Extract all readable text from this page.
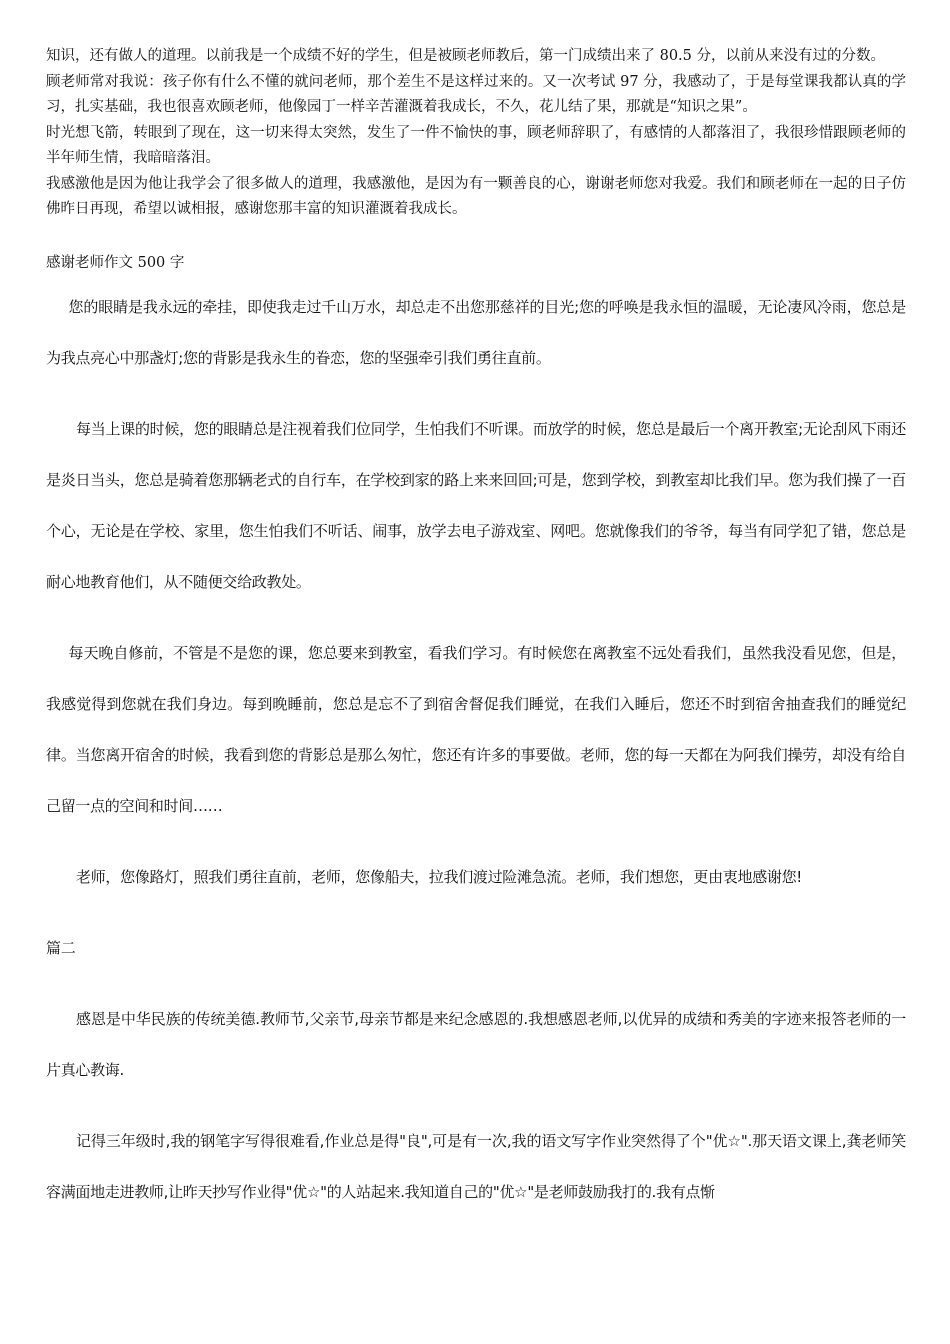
知识，还有做人的道理。以前我是一个成绩不好的学生，但是被顾老师教后，第一门成绩出来了 80.5 分，以前从来没有过的分数。

顾老师常对我说：孩子你有什么不懂的就问老师，那个差生不是这样过来的。又一次考试 97 分，我感动了，于是每堂课我都认真的学习，扎实基础，我也很喜欢顾老师，他像园丁一样辛苦灌溉着我成长，不久，花儿结了果，那就是“知识之果”。

时光想飞箭，转眼到了现在，这一切来得太突然，发生了一件不愉快的事，顾老师辞职了，有感情的人都落泪了，我很珍惜跟顾老师的半年师生情，我暗暗落泪。

我感激他是因为他让我学会了很多做人的道理，我感激他，是因为有一颗善良的心，谢谢老师您对我爱。我们和顾老师在一起的日子仿佛昨日再现，希望以诚相报，感谢您那丰富的知识灌溉着我成长。

感谢老师作文 500 字

您的眼睛是我永远的牵挂，即使我走过千山万水，却总走不出您那慈祥的目光;您的呼唤是我永恒的温暖，无论凄风冷雨，您总是为我点亮心中那盏灯;您的背影是我永生的眷恋，您的坚强牵引我们勇往直前。

每当上课的时候，您的眼睛总是注视着我们位同学，生怕我们不听课。而放学的时候，您总是最后一个离开教室;无论刮风下雨还是炎日当头，您总是骑着您那辆老式的自行车，在学校到家的路上来来回回;可是，您到学校，到教室却比我们早。您为我们操了一百个心，无论是在学校、家里，您生怕我们不听话、闹事，放学去电子游戏室、网吧。您就像我们的爷爷，每当有同学犯了错，您总是耐心地教育他们，从不随便交给政教处。

每天晚自修前，不管是不是您的课，您总要来到教室，看我们学习。有时候您在离教室不远处看我们，虽然我没看见您，但是，我感觉得到您就在我们身边。每到晚睡前，您总是忘不了到宿舍督促我们睡觉，在我们入睡后，您还不时到宿舍抽查我们的睡觉纪律。当您离开宿舍的时候，我看到您的背影总是那么匆忙，您还有许多的事要做。老师，您的每一天都在为阿我们操劳，却没有给自己留一点的空间和时间……

老师，您像路灯，照我们勇往直前，老师，您像船夫，拉我们渡过险滩急流。老师，我们想您，更由衷地感谢您!

篇二

感恩是中华民族的传统美德.教师节,父亲节,母亲节都是来纪念感恩的.我想感恩老师,以优异的成绩和秀美的字迹来报答老师的一片真心教诲.

记得三年级时,我的钢笔字写得很难看,作业总是得"良",可是有一次,我的语文写字作业突然得了个"优☆".那天语文课上,龚老师笑容满面地走进教师,让昨天抄写作业得"优☆"的人站起来.我知道自己的"优☆"是老师鼓励我打的.我有点惭
